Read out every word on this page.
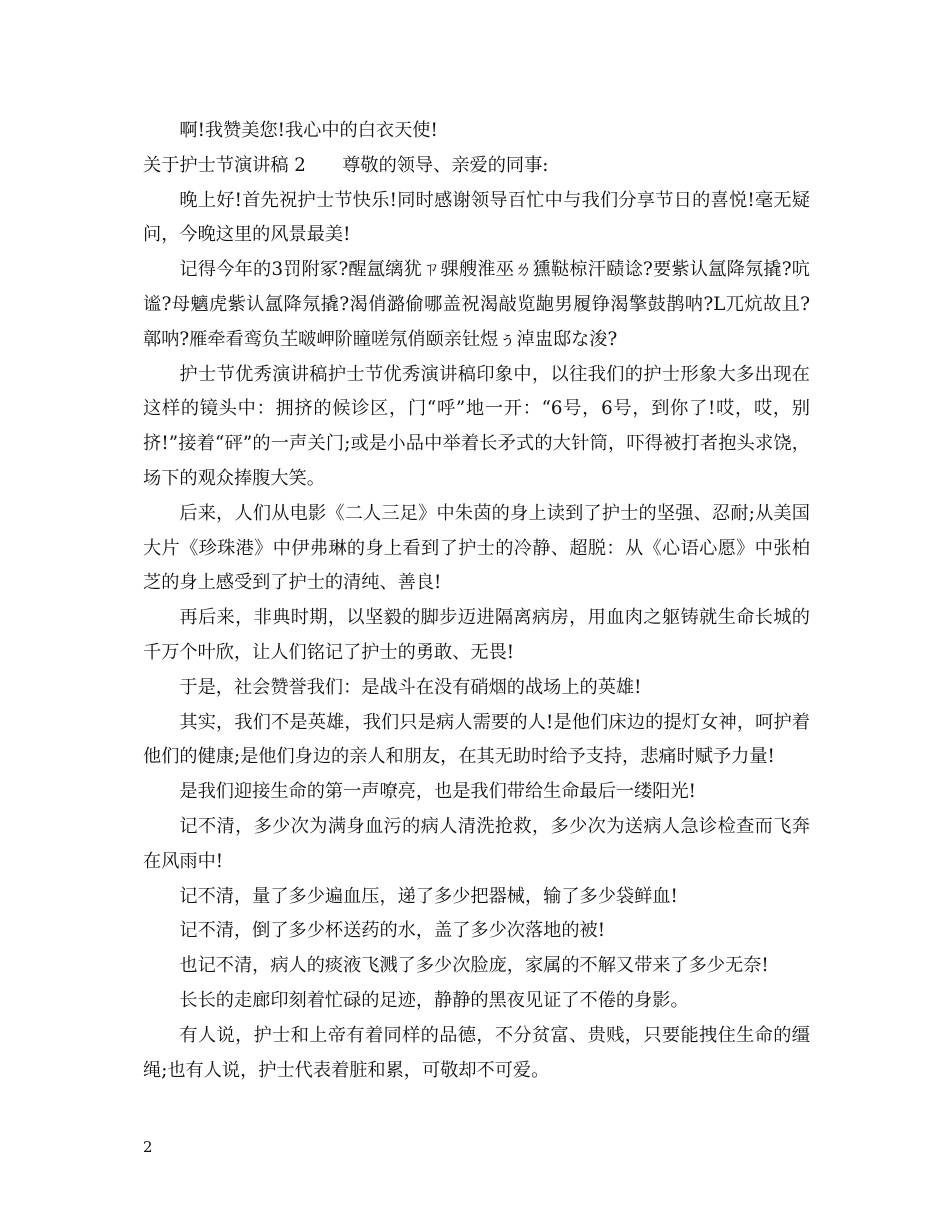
啊!我赞美您!我心中的白衣天使!

关于护士节演讲稿 2　　尊敬的领导、亲爱的同事:

晚上好!首先祝护士节快乐!同时感谢领导百忙中与我们分享节日的喜悦!毫无疑问，今晚这里的风景最美!

记得今年的3罚附冢?醒氲缡犹ㄗ骒艘淮巫ㄌ獯鞑椋汗赜谂?要紫认氲降氖撬?吭谧?母魑虎紫认氲降氖撬?渴俏潞偷哪盖祝渴敲览龅男履铮渴擎鼓鹊呐?L兀炕故且?鄣呐?雁牵看鸾负芏啵岬阶瞳嗟氖俏颐亲钍煜ぅ淖盅邸な浚?

护士节优秀演讲稿护士节优秀演讲稿印象中，以往我们的护士形象大多出现在这样的镜头中：拥挤的候诊区，门“呼”地一开：“6号，6号，到你了!哎，哎，别挤!”接着“砰”的一声关门;或是小品中举着长矛式的大针筒，吓得被打者抱头求饶，场下的观众捧腹大笑。

后来，人们从电影《二人三足》中朱茵的身上读到了护士的坚强、忍耐;从美国大片《珍珠港》中伊弗琳的身上看到了护士的冷静、超脱：从《心语心愿》中张柏芝的身上感受到了护士的清纯、善良!

再后来，非典时期，以坚毅的脚步迈进隔离病房，用血肉之躯铸就生命长城的千万个叶欣，让人们铭记了护士的勇敢、无畏!

于是，社会赞誉我们：是战斗在没有硝烟的战场上的英雄!

其实，我们不是英雄，我们只是病人需要的人!是他们床边的提灯女神，呵护着他们的健康;是他们身边的亲人和朋友，在其无助时给予支持，悲痛时赋予力量!

是我们迎接生命的第一声嘹亮，也是我们带给生命最后一缕阳光!

记不清，多少次为满身血污的病人清洗抢救，多少次为送病人急诊检查而飞奔在风雨中!

记不清，量了多少遍血压，递了多少把器械，输了多少袋鲜血!

记不清，倒了多少杯送药的水，盖了多少次落地的被!

也记不清，病人的痰液飞溅了多少次脸庞，家属的不解又带来了多少无奈!

长长的走廊印刻着忙碌的足迹，静静的黑夜见证了不倦的身影。

有人说，护士和上帝有着同样的品德，不分贫富、贵贱，只要能拽住生命的缰绳;也有人说，护士代表着脏和累，可敬却不可爱。

2
